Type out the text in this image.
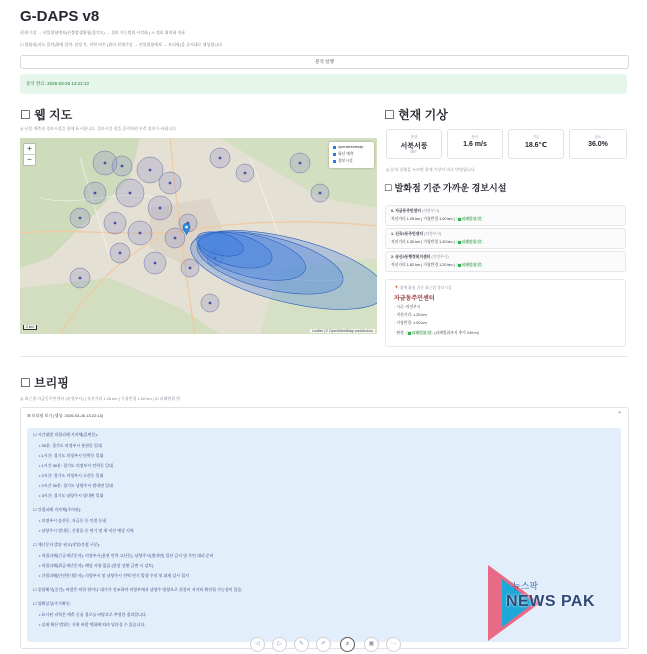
G-DAPS v8
현재 기상 → 산불위험예보(산불발생위험(경기도) → 경보 가능범위 시각화 | ⚠ 정보 위치화 적용
☐ 발화점(지도 클릭)위에 입력: 설정 후, 지역 버튼 (위의 현재기상 → 산불위험예보 → 브리핑)을 순서대로 생성됩니다.
분석 실행
분석 완료: 2026-03-26 13:22:13
☐ 웹 지도
◎ 산불 예측과 경보시설을 함께 표시합니다. 경보시설 점을 클릭하면 우측 정보가 바뀝니다.
+
−
openstreetmap
화산 예측
경보시설
2 km
Leaflet | © OpenStreetMap contributors
☐ 현재 기상
풍향
서북서풍
297°
풍속
1.6 m/s
기온
18.6℃
습도
36.0%
◎ 분석 실행을 누르면 현재 기상이 바로 반영됩니다.
☐ 발화점 기준 가까운 경보시설
0. 자금동주민센터 (의정부시)
직선거리 1.25 km | 가청반경 1.00 km | 피해범위 밖
1. 신곡2동주민센터 (의정부시)
직선거리 1.30 km | 가청반경 1.20 km | 피해범위 밖
2. 송산2동행정복지센터 (의정부시)
직선거리 1.82 km | 가청반경 1.20 km | 피해범위 밖
📍 위에 화점 기준 최근접 경보시설
자금동주민센터
· 시군: 의정부시
· 직선거리: 1.25 km
· 가청반경: 1.00 km
· 판정: 피해범위 밖 (피해범위까지 추가 249 m)
☐ 브리핑
◎ 최근접 자금동주민센터 (의정부시) | 직선거리 1.25 km | 가청반경 1.00 km | ☑ 피해범위 밖
☰ 브리핑 보기 (생성: 2026-03-26 13:22:13)	⌃
☐ 시간대별 직접피해 지자체(읍면동):
• 30분: 경기도 의정부시 용현동 일대
• 1시간: 경기도 의정부시 민락동 일대
• 1시간 30분: 경기도 의정부시 민락동 일대
• 2시간: 경기도 의정부시 고산동 일대
• 2시간 30분: 경기도 남양주시 별내면 일대
• 3시간: 경기도 남양주시 별내면 일대
☐ 간접피해 지자체(주의권):
• 의정부시 송산동, 자금동 등 인접 동네
• 남양주시 별내동, 진접읍 등 연기 및 재 비산 예상 지역
☐ 재난문자 발송 권고(작업/간접 구분):
• 직접피해(긴급재난문자): 의정부시(용현 민락 고산동), 남양주시(별내면) 입산 금지 및 주민 대피 준비
• 직접피해(위급재난문자): 해당 사항 없음 (현장 상황 급변 시 검토)
• 간접피해(안전안내문자): 의정부시 및 남양주시 전역 연기 발생 주의 및 화재 감시 철저
☐ 종합해석(중간): 바람은 약한 편이나 대기가 건조하여 의정부에서 남양주 방향으로 산불이 서서히 확산될 가능성이 있음.
☐ 불확실성/주가확인:
• 표시된 지역은 예측 중심 경로를 바탕으로 추정한 결과입니다.
• 실제 확산 범위는 지형 바람 변화에 따라 달라질 수 있습니다.
◁	▷	✎	✐	⌕	▣	⋯
뉴스팍
NEWS PAK
